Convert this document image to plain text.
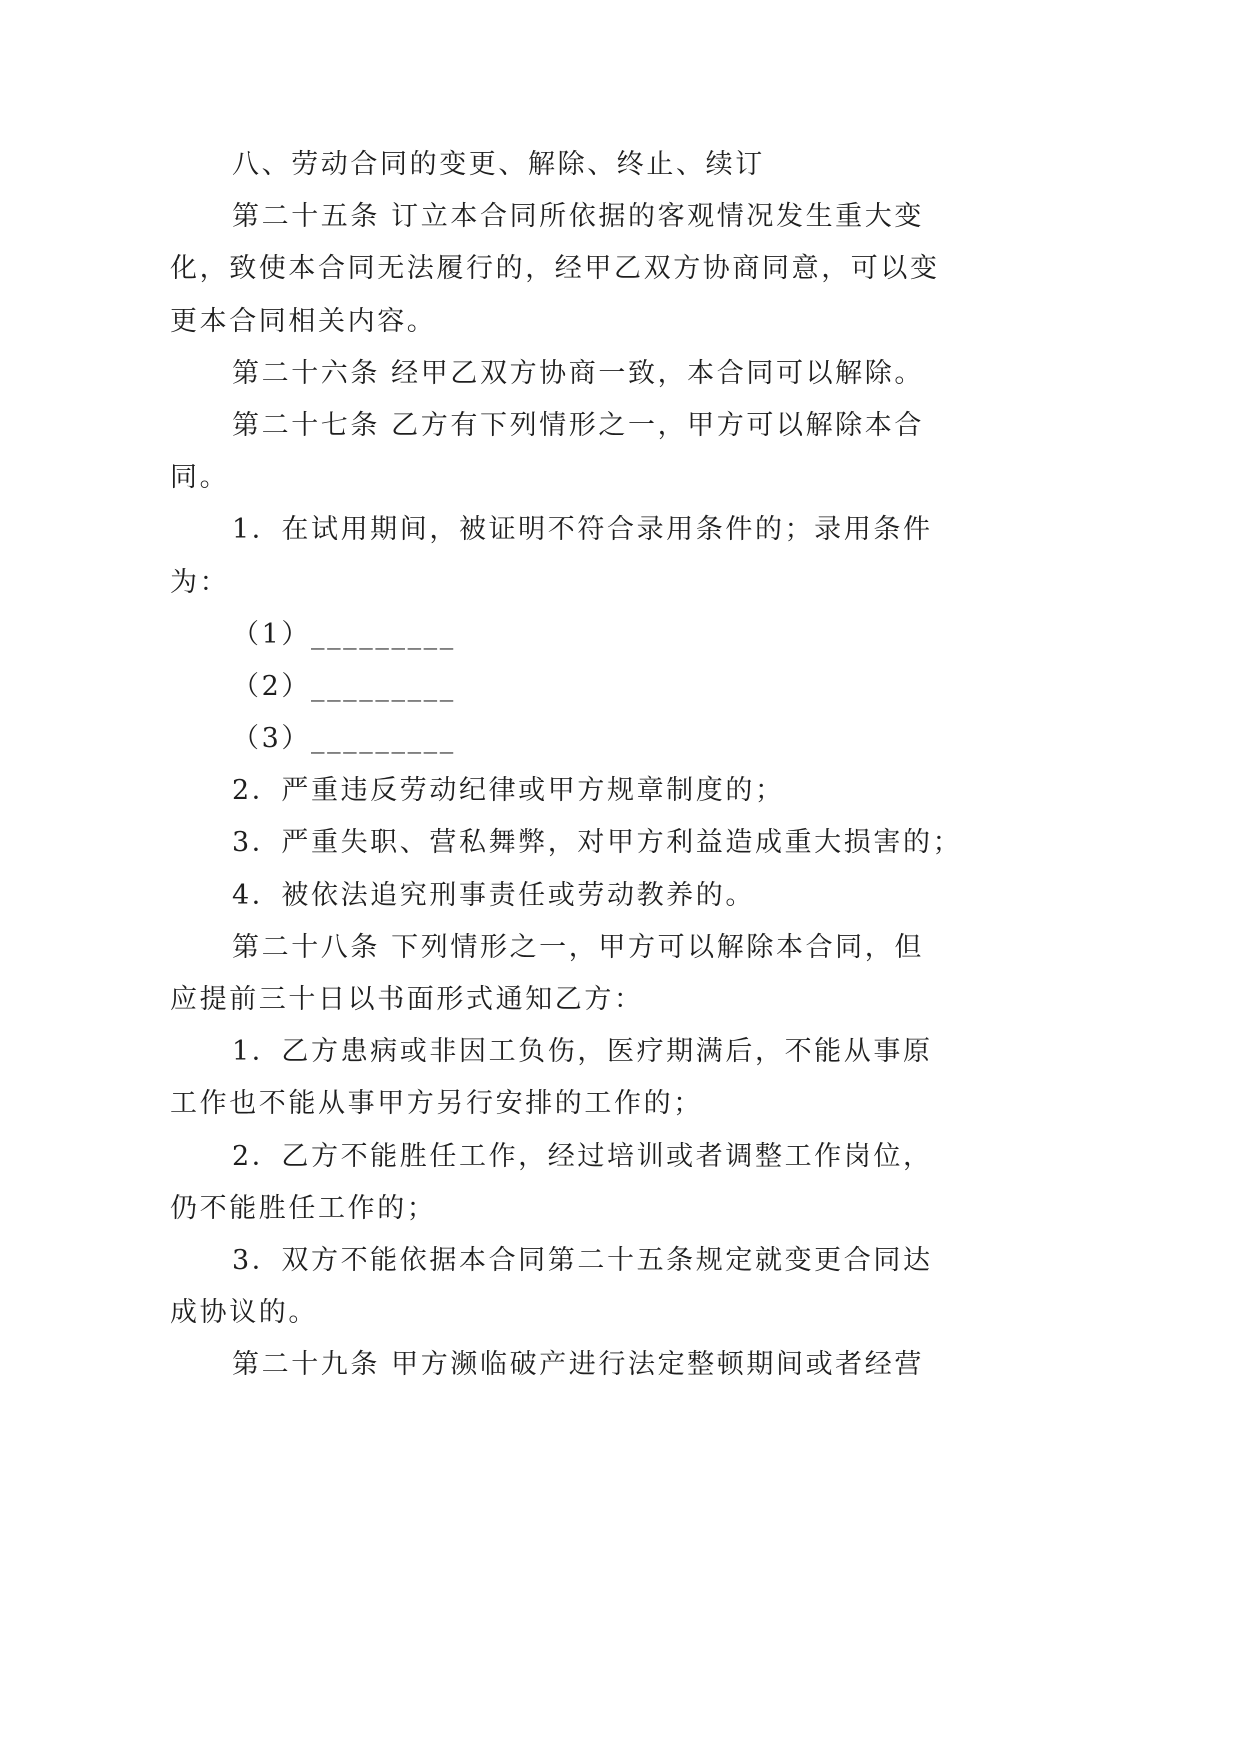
八、劳动合同的变更、解除、终止、续订
第二十五条 订立本合同所依据的客观情况发生重大变
化，致使本合同无法履行的，经甲乙双方协商同意，可以变
更本合同相关内容。
第二十六条 经甲乙双方协商一致，本合同可以解除。
第二十七条 乙方有下列情形之一，甲方可以解除本合
同。
1．在试用期间，被证明不符合录用条件的；录用条件
为：
（1）_________
（2）_________
（3）_________
2．严重违反劳动纪律或甲方规章制度的；
3．严重失职、营私舞弊，对甲方利益造成重大损害的；
4．被依法追究刑事责任或劳动教养的。
第二十八条 下列情形之一，甲方可以解除本合同，但
应提前三十日以书面形式通知乙方：
1．乙方患病或非因工负伤，医疗期满后，不能从事原
工作也不能从事甲方另行安排的工作的；
2．乙方不能胜任工作，经过培训或者调整工作岗位，
仍不能胜任工作的；
3．双方不能依据本合同第二十五条规定就变更合同达
成协议的。
第二十九条 甲方濒临破产进行法定整顿期间或者经营
